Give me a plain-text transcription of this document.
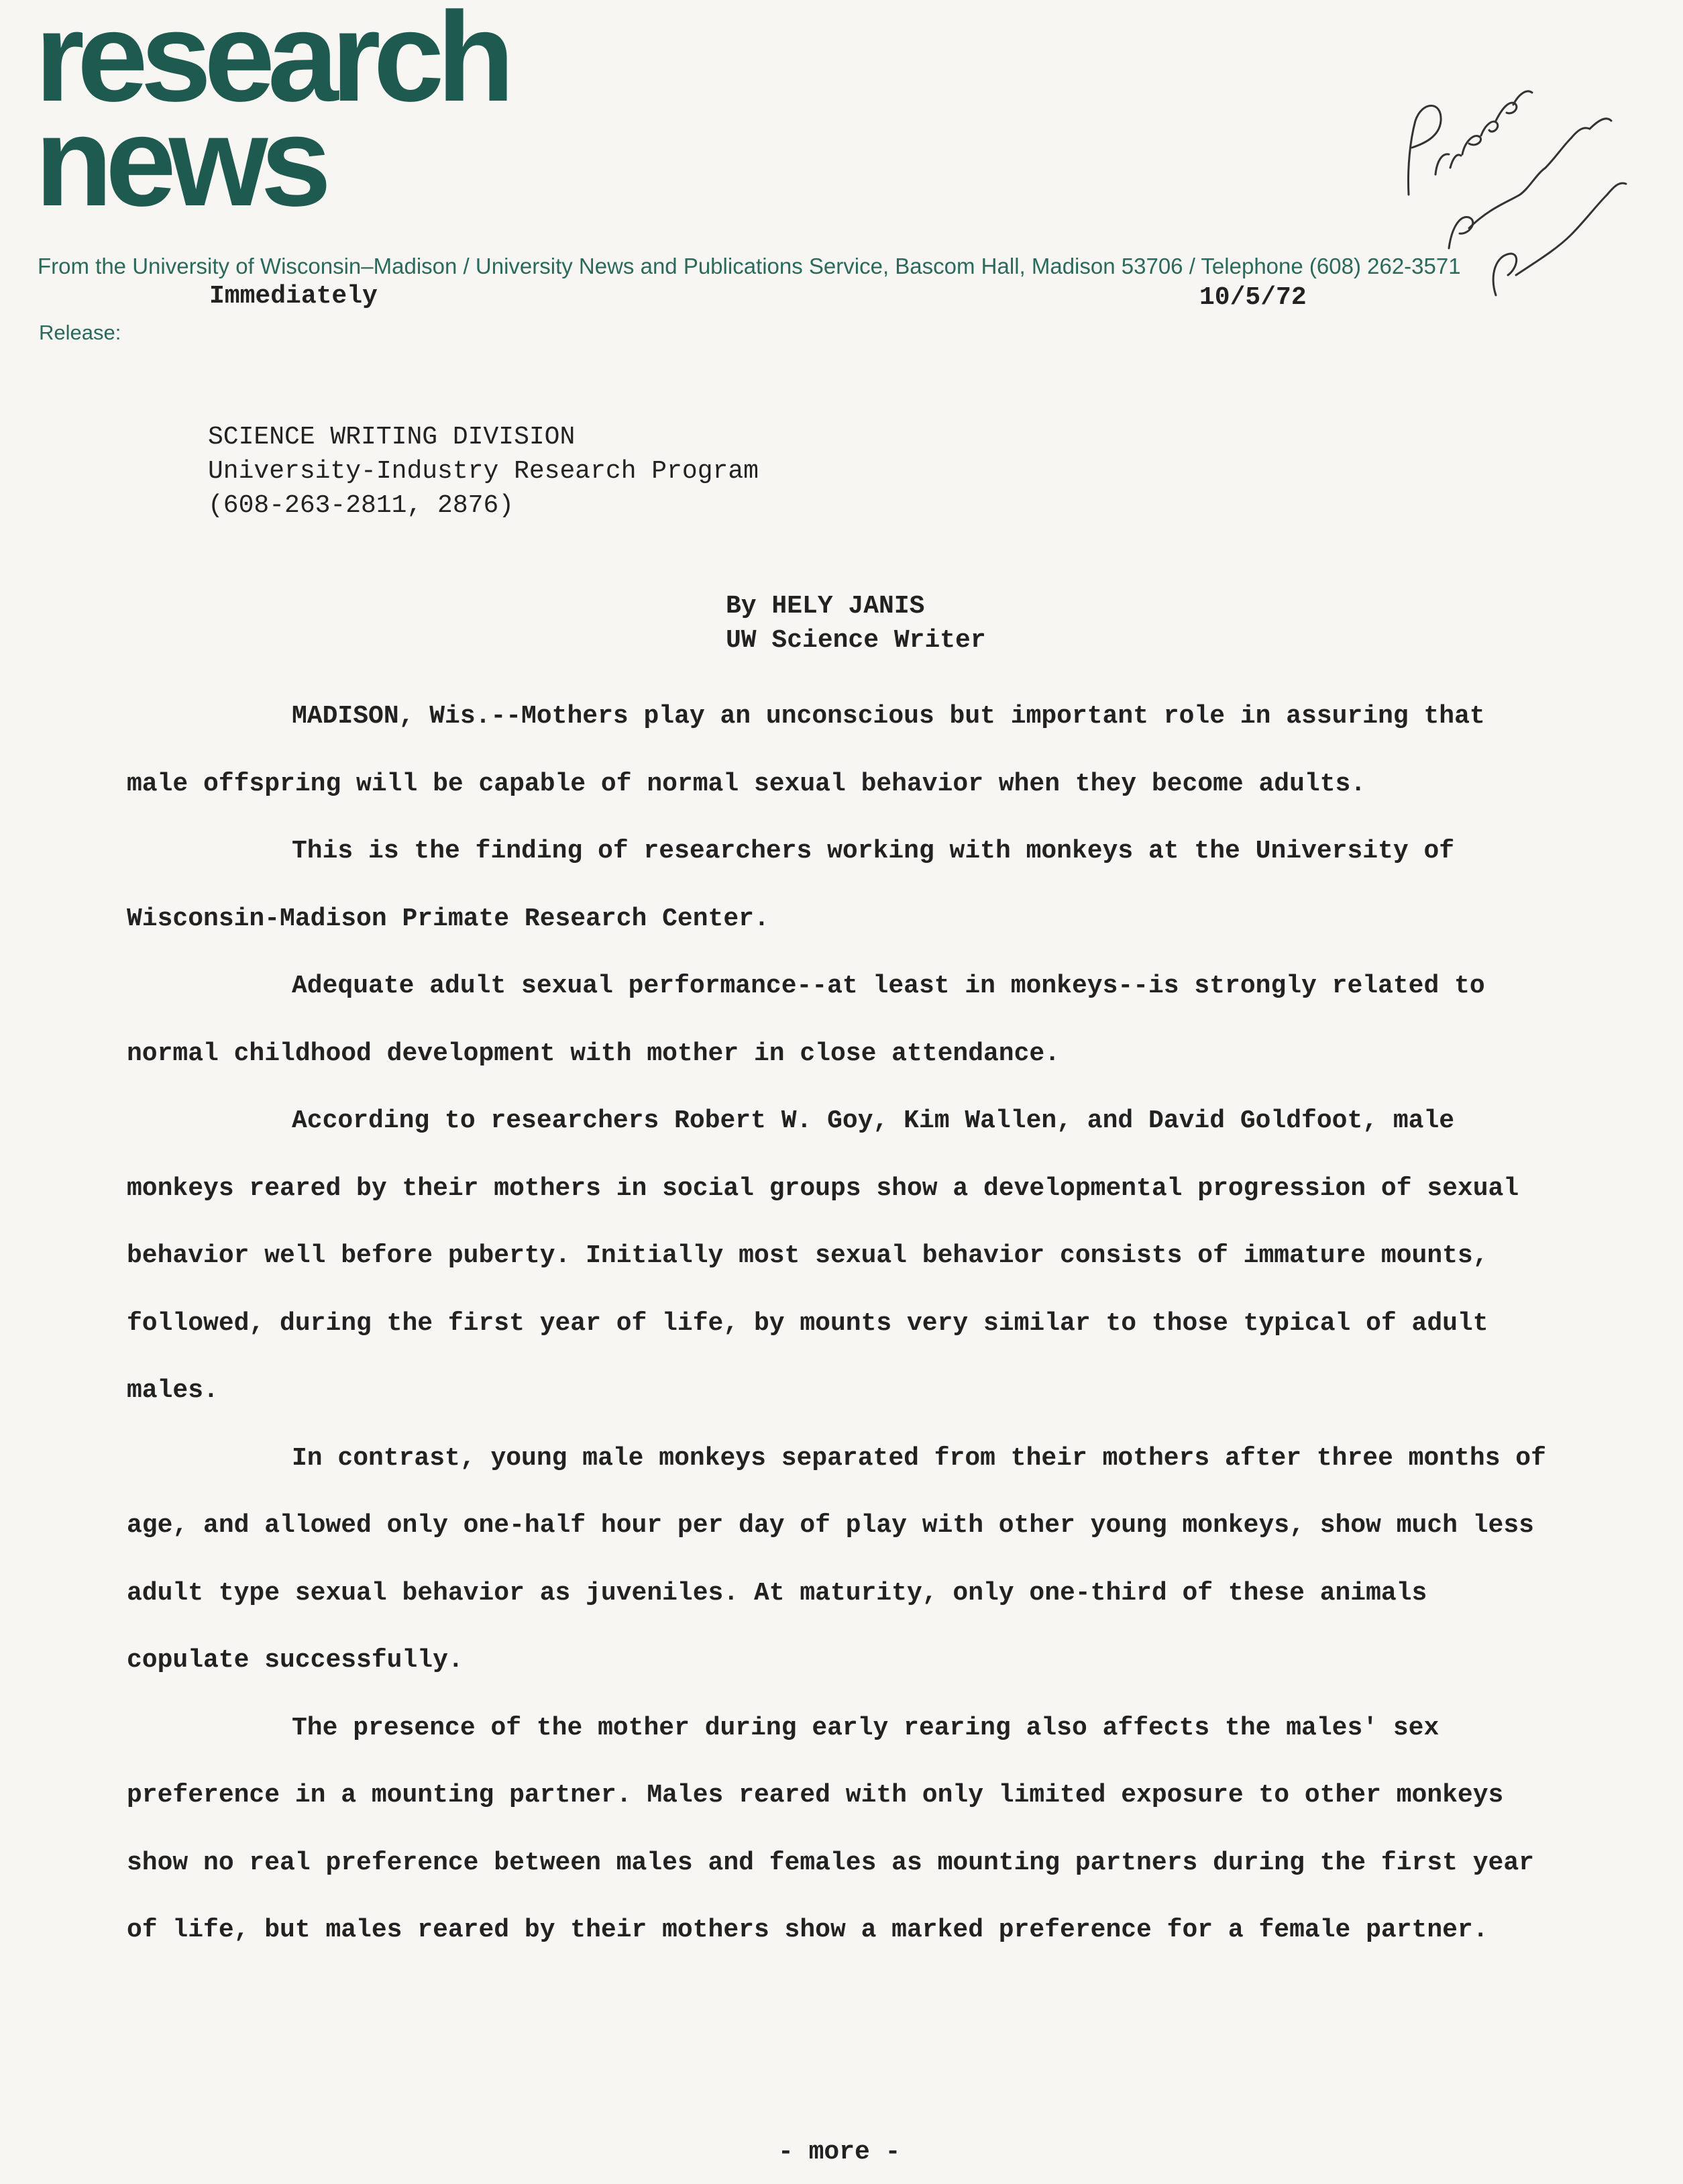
research
news
From the University of Wisconsin–Madison / University News and Publications Service, Bascom Hall, Madison 53706 / Telephone (608) 262-3571
Immediately	10/5/72
Release:
SCIENCE WRITING DIVISION
University-Industry Research Program
(608-263-2811, 2876)
By HELY JANIS
UW Science Writer

MADISON, Wis.--Mothers play an unconscious but important role in assuring that male offspring will be capable of normal sexual behavior when they become adults.

This is the finding of researchers working with monkeys at the University of Wisconsin-Madison Primate Research Center.

Adequate adult sexual performance--at least in monkeys--is strongly related to normal childhood development with mother in close attendance.

According to researchers Robert W. Goy, Kim Wallen, and David Goldfoot, male monkeys reared by their mothers in social groups show a developmental progression of sexual behavior well before puberty. Initially most sexual behavior consists of immature mounts, followed, during the first year of life, by mounts very similar to those typical of adult males.

In contrast, young male monkeys separated from their mothers after three months of age, and allowed only one-half hour per day of play with other young monkeys, show much less adult type sexual behavior as juveniles. At maturity, only one-third of these animals copulate successfully.

The presence of the mother during early rearing also affects the males' sex preference in a mounting partner. Males reared with only limited exposure to other monkeys show no real preference between males and females as mounting partners during the first year of life, but males reared by their mothers show a marked preference for a female partner.

- more -
